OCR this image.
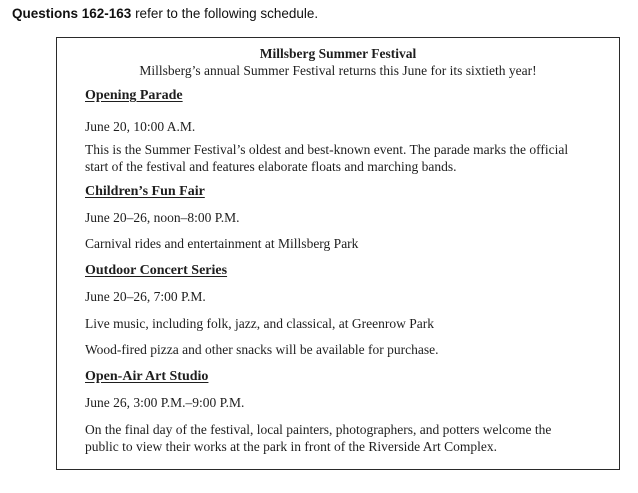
Questions 162-163 refer to the following schedule.
Millsberg Summer Festival
Millsberg’s annual Summer Festival returns this June for its sixtieth year!
Opening Parade
June 20, 10:00 A.M.
This is the Summer Festival’s oldest and best-known event. The parade marks the official start of the festival and features elaborate floats and marching bands.
Children’s Fun Fair
June 20–26, noon–8:00 P.M.
Carnival rides and entertainment at Millsberg Park
Outdoor Concert Series
June 20–26, 7:00 P.M.
Live music, including folk, jazz, and classical, at Greenrow Park
Wood-fired pizza and other snacks will be available for purchase.
Open-Air Art Studio
June 26, 3:00 P.M.–9:00 P.M.
On the final day of the festival, local painters, photographers, and potters welcome the public to view their works at the park in front of the Riverside Art Complex.
